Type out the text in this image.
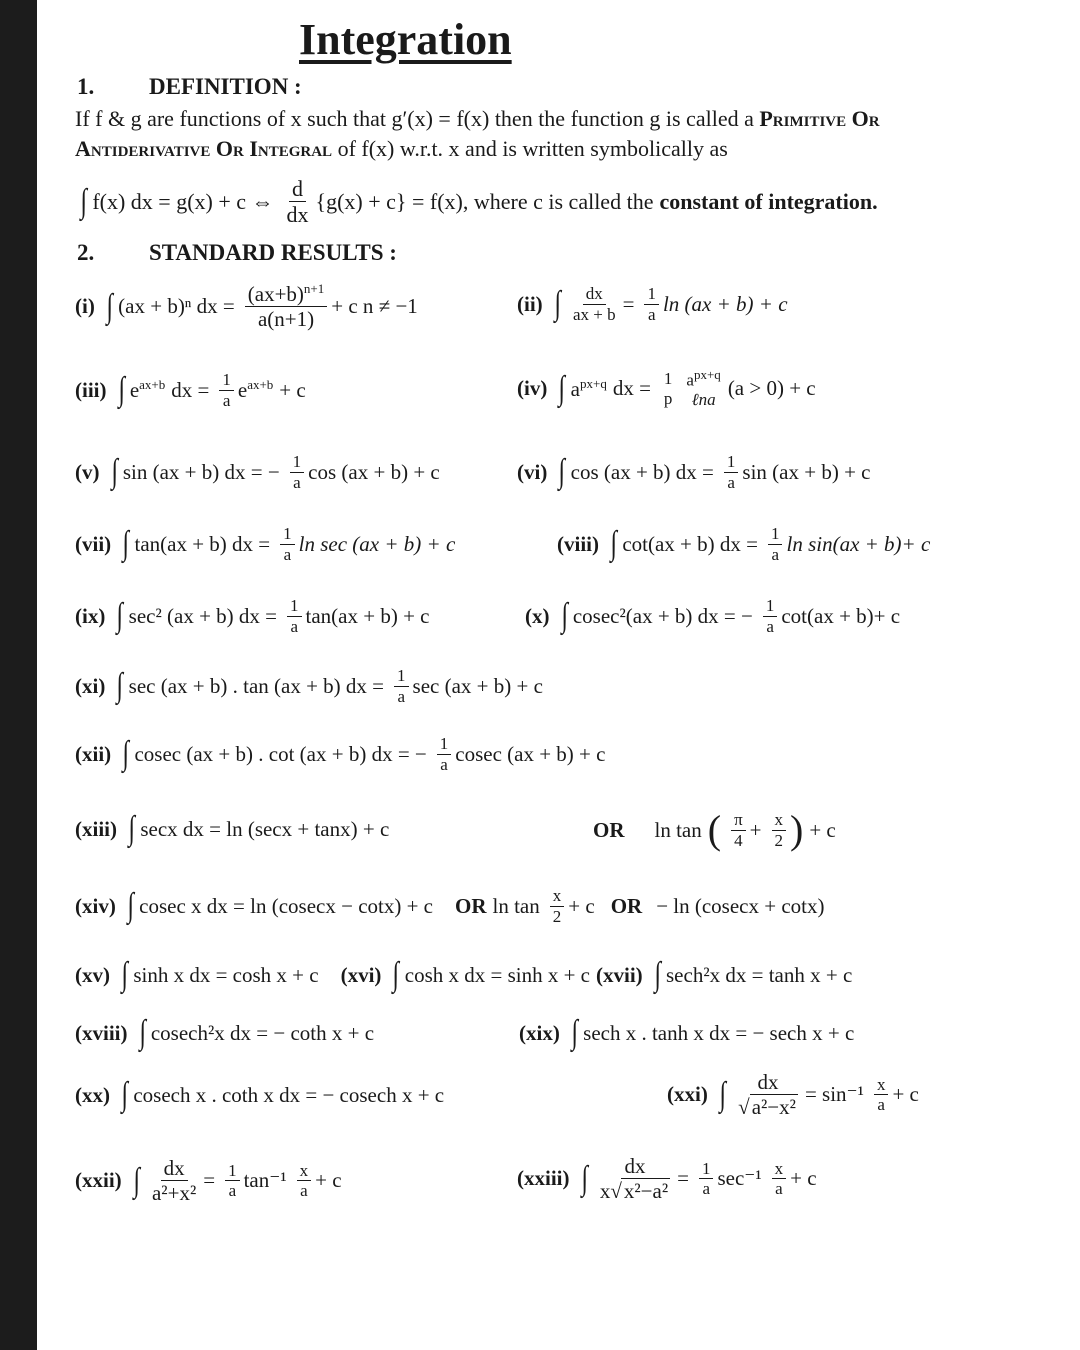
Integration
1. DEFINITION :
If f & g are functions of x such that g′(x) = f(x) then the function g is called a Primitive Or
Antiderivative Or Integral of f(x) w.r.t. x and is written symbolically as
∫ f(x) dx = g(x) + c ⇔ $\frac{d}{dx} \{g(x) + c\} = f(x)$, where c is called the constant of integration.
2. STANDARD RESULTS :
(i) ∫ (ax + b)ⁿ dx = $\frac{(ax+b)^{n+1}}{a(n+1)} + c$ n ≠ −1	(ii) ∫ $\frac{dx}{ax + b} = \frac{1}{a}$ ln (ax + b) + c
(iii) ∫ $e^{ax+b}$ dx = $\frac{1}{a} e^{ax+b} + c$	(iv) ∫ $a^{px+q}$ dx = 1
p
$a^{px+q}$
ℓna (a > 0) + c
(v) ∫ sin (ax + b) dx = − $\frac{1}{a}$ cos (ax + b) + c	(vi) ∫ cos (ax + b) dx = $\frac{1}{a}$ sin (ax + b) + c
(vii) ∫ tan(ax + b) dx = $\frac{1}{a}$ ln sec (ax + b) + c	(viii) ∫ cot(ax + b) dx = $\frac{1}{a}$ ln sin(ax + b)+ c
(ix) ∫ sec² (ax + b) dx = $\frac{1}{a} \tan(ax + b) + c$	(x) ∫ cosec²(ax + b) dx = − $\frac{1}{a} \cot(ax + b)+ c$
(xi) ∫ sec (ax + b) . tan (ax + b) dx = $\frac{1}{a}$ sec (ax + b) + c
(xii) ∫ cosec (ax + b) . cot (ax + b) dx = − $\frac{1}{a}$ cosec (ax + b) + c
(xiii) ∫ secx dx = ln (secx + tanx) + c	OR ln tan ( $\frac{\pi}{4} + \frac{x}{2}$ ) + c
(xiv) ∫ cosec x dx = ln (cosecx − cotx) + c OR $\ln \tan \frac{x}{2} + c$ OR − ln (cosecx + cotx)
(xv) ∫ sinh x dx = cosh x + c (xvi) ∫ cosh x dx = sinh x + c (xvii) ∫ sech²x dx = tanh x + c
(xviii) ∫ cosech²x dx = − coth x + c	(xix) ∫ sech x . tanh x dx = − sech x + c
(xx) ∫ cosech x . coth x dx = − cosech x + c	(xxi) ∫ $\frac{dx}{\text{√a²−x²}} = \sin^{-1} \frac{x}{a} + c$
(xxii) ∫ $\frac{dx}{\text{a²+x²}} = \frac{1}{a} \tan^{-1} \frac{x}{a} + c$	(xxiii) ∫ $\frac{dx}{\text{x√x²−a²}} = \frac{1}{a} \sec^{-1} \frac{x}{a} + c$
